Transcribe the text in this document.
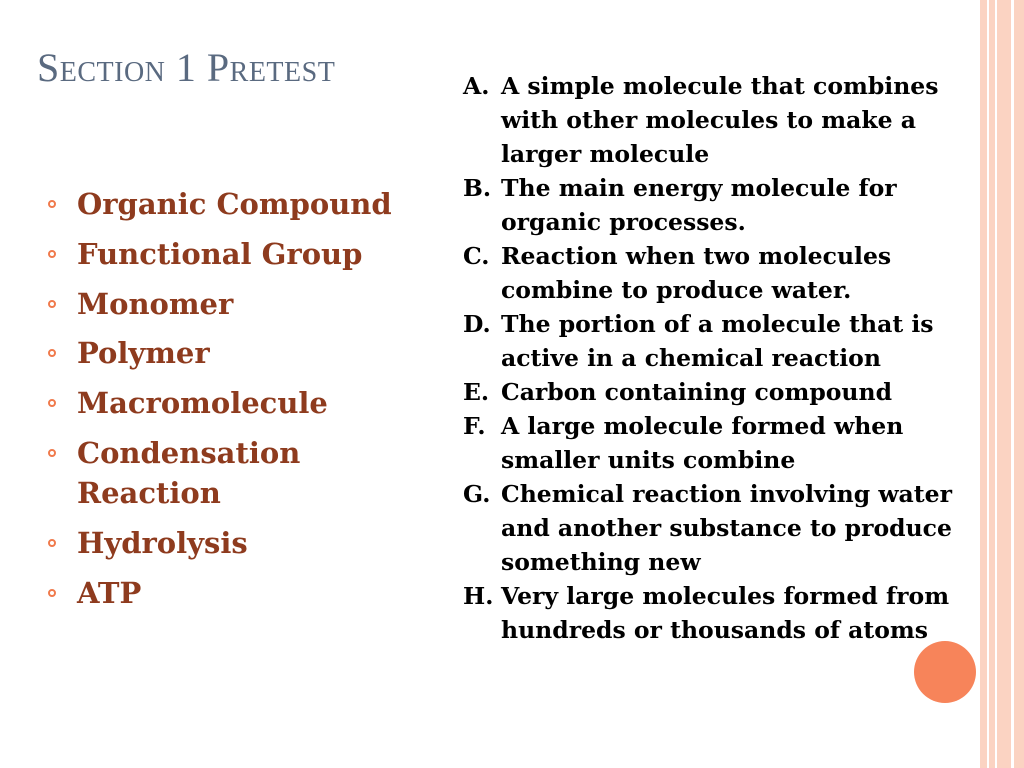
Section 1 Pretest
Organic Compound
Functional Group
Monomer
Polymer
Macromolecule
Condensation Reaction
Hydrolysis
ATP
A. A simple molecule that combines with other molecules to make a larger molecule
B. The main energy molecule for organic processes.
C. Reaction when two molecules combine to produce water.
D. The portion of a molecule that is active in a chemical reaction
E. Carbon containing compound
F. A large molecule formed when smaller units combine
G. Chemical reaction involving water and another substance to produce something new
H. Very large molecules formed from hundreds or thousands of atoms
